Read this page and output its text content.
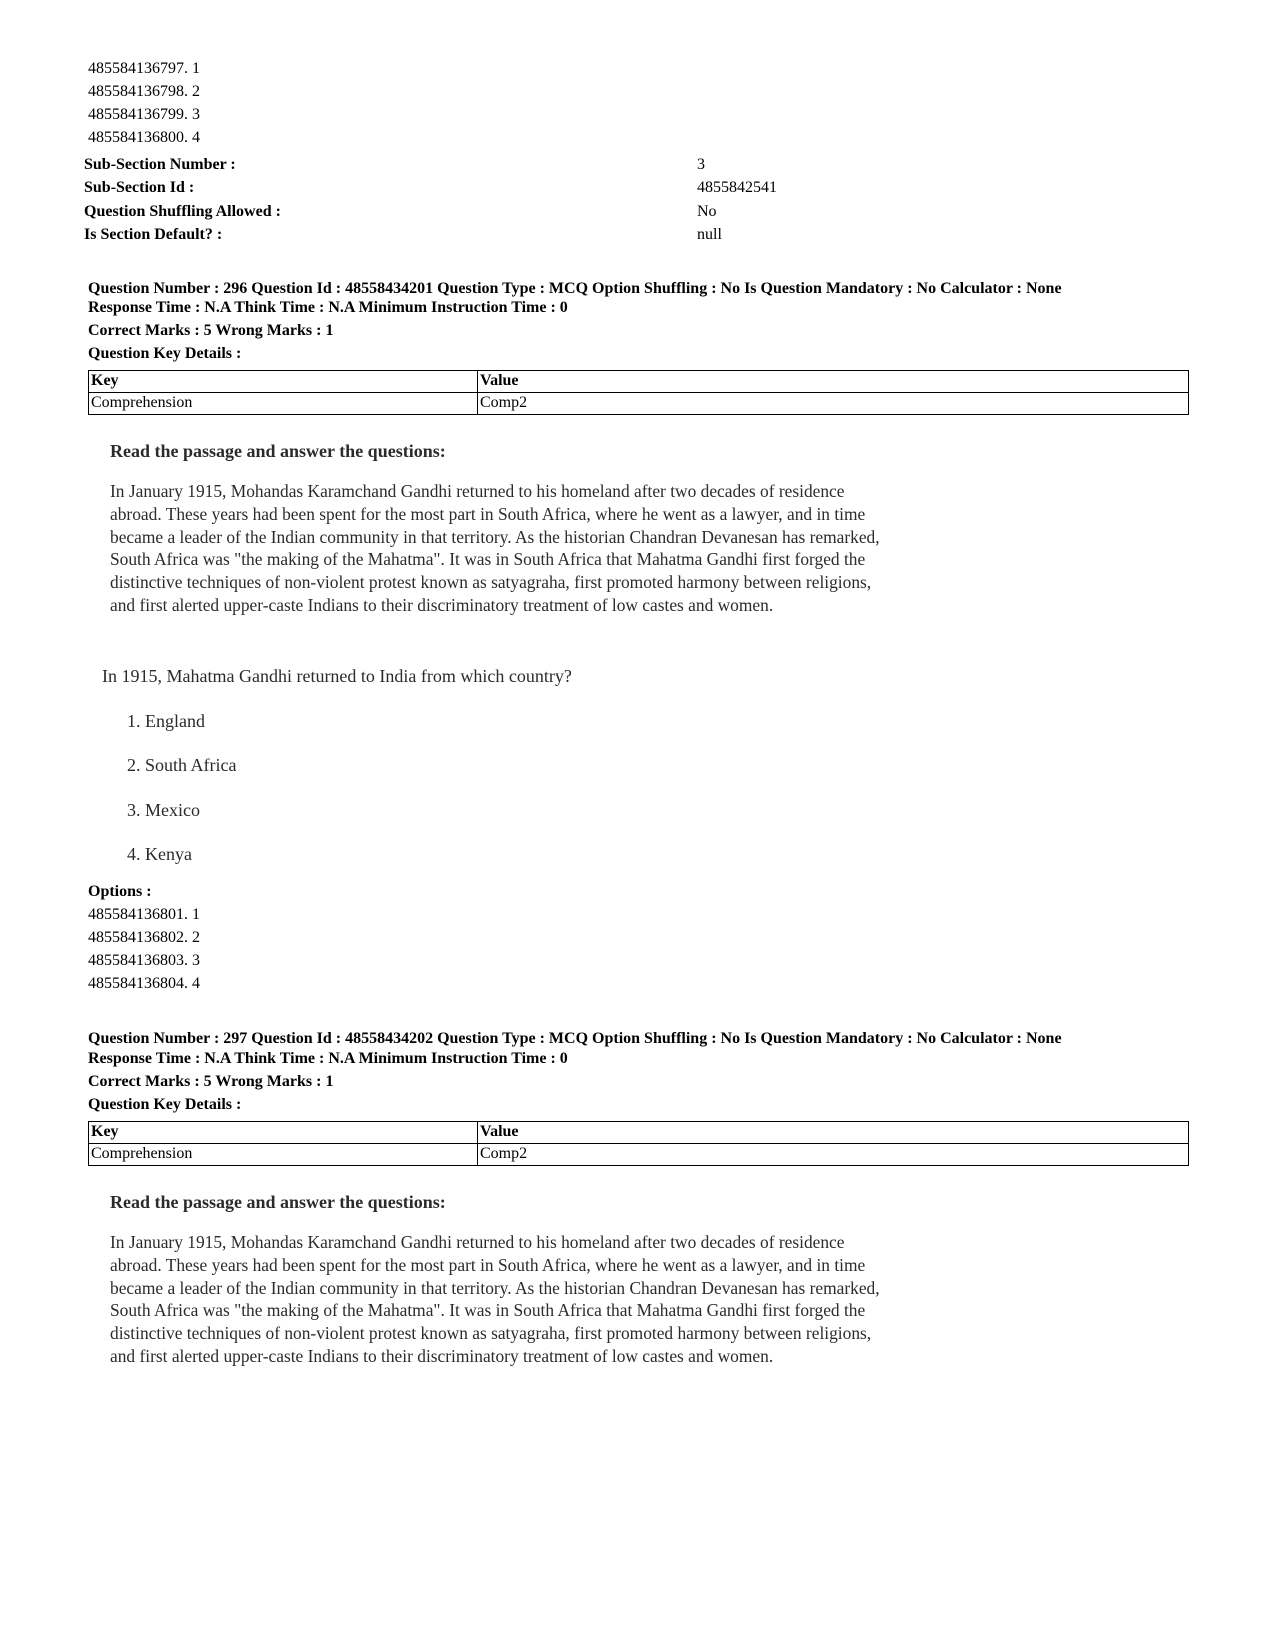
485584136797. 1
485584136798. 2
485584136799. 3
485584136800. 4
Sub-Section Number :	3
Sub-Section Id :	4855842541
Question Shuffling Allowed :	No
Is Section Default? :	null
Question Number : 296 Question Id : 48558434201 Question Type : MCQ Option Shuffling : No Is Question Mandatory : No Calculator : None
Response Time : N.A Think Time : N.A Minimum Instruction Time : 0
Correct Marks : 5 Wrong Marks : 1
Question Key Details :
Key	Value
Comprehension	Comp2
Read the passage and answer the questions:
In January 1915, Mohandas Karamchand Gandhi returned to his homeland after two decades of residence
abroad. These years had been spent for the most part in South Africa, where he went as a lawyer, and in time
became a leader of the Indian community in that territory. As the historian Chandran Devanesan has remarked,
South Africa was "the making of the Mahatma". It was in South Africa that Mahatma Gandhi first forged the
distinctive techniques of non-violent protest known as satyagraha, first promoted harmony between religions,
and first alerted upper-caste Indians to their discriminatory treatment of low castes and women.
In 1915, Mahatma Gandhi returned to India from which country?
1. England
2. South Africa
3. Mexico
4. Kenya
Options :
485584136801. 1
485584136802. 2
485584136803. 3
485584136804. 4
Question Number : 297 Question Id : 48558434202 Question Type : MCQ Option Shuffling : No Is Question Mandatory : No Calculator : None
Response Time : N.A Think Time : N.A Minimum Instruction Time : 0
Correct Marks : 5 Wrong Marks : 1
Question Key Details :
Key	Value
Comprehension	Comp2
Read the passage and answer the questions:
In January 1915, Mohandas Karamchand Gandhi returned to his homeland after two decades of residence
abroad. These years had been spent for the most part in South Africa, where he went as a lawyer, and in time
became a leader of the Indian community in that territory. As the historian Chandran Devanesan has remarked,
South Africa was "the making of the Mahatma". It was in South Africa that Mahatma Gandhi first forged the
distinctive techniques of non-violent protest known as satyagraha, first promoted harmony between religions,
and first alerted upper-caste Indians to their discriminatory treatment of low castes and women.
